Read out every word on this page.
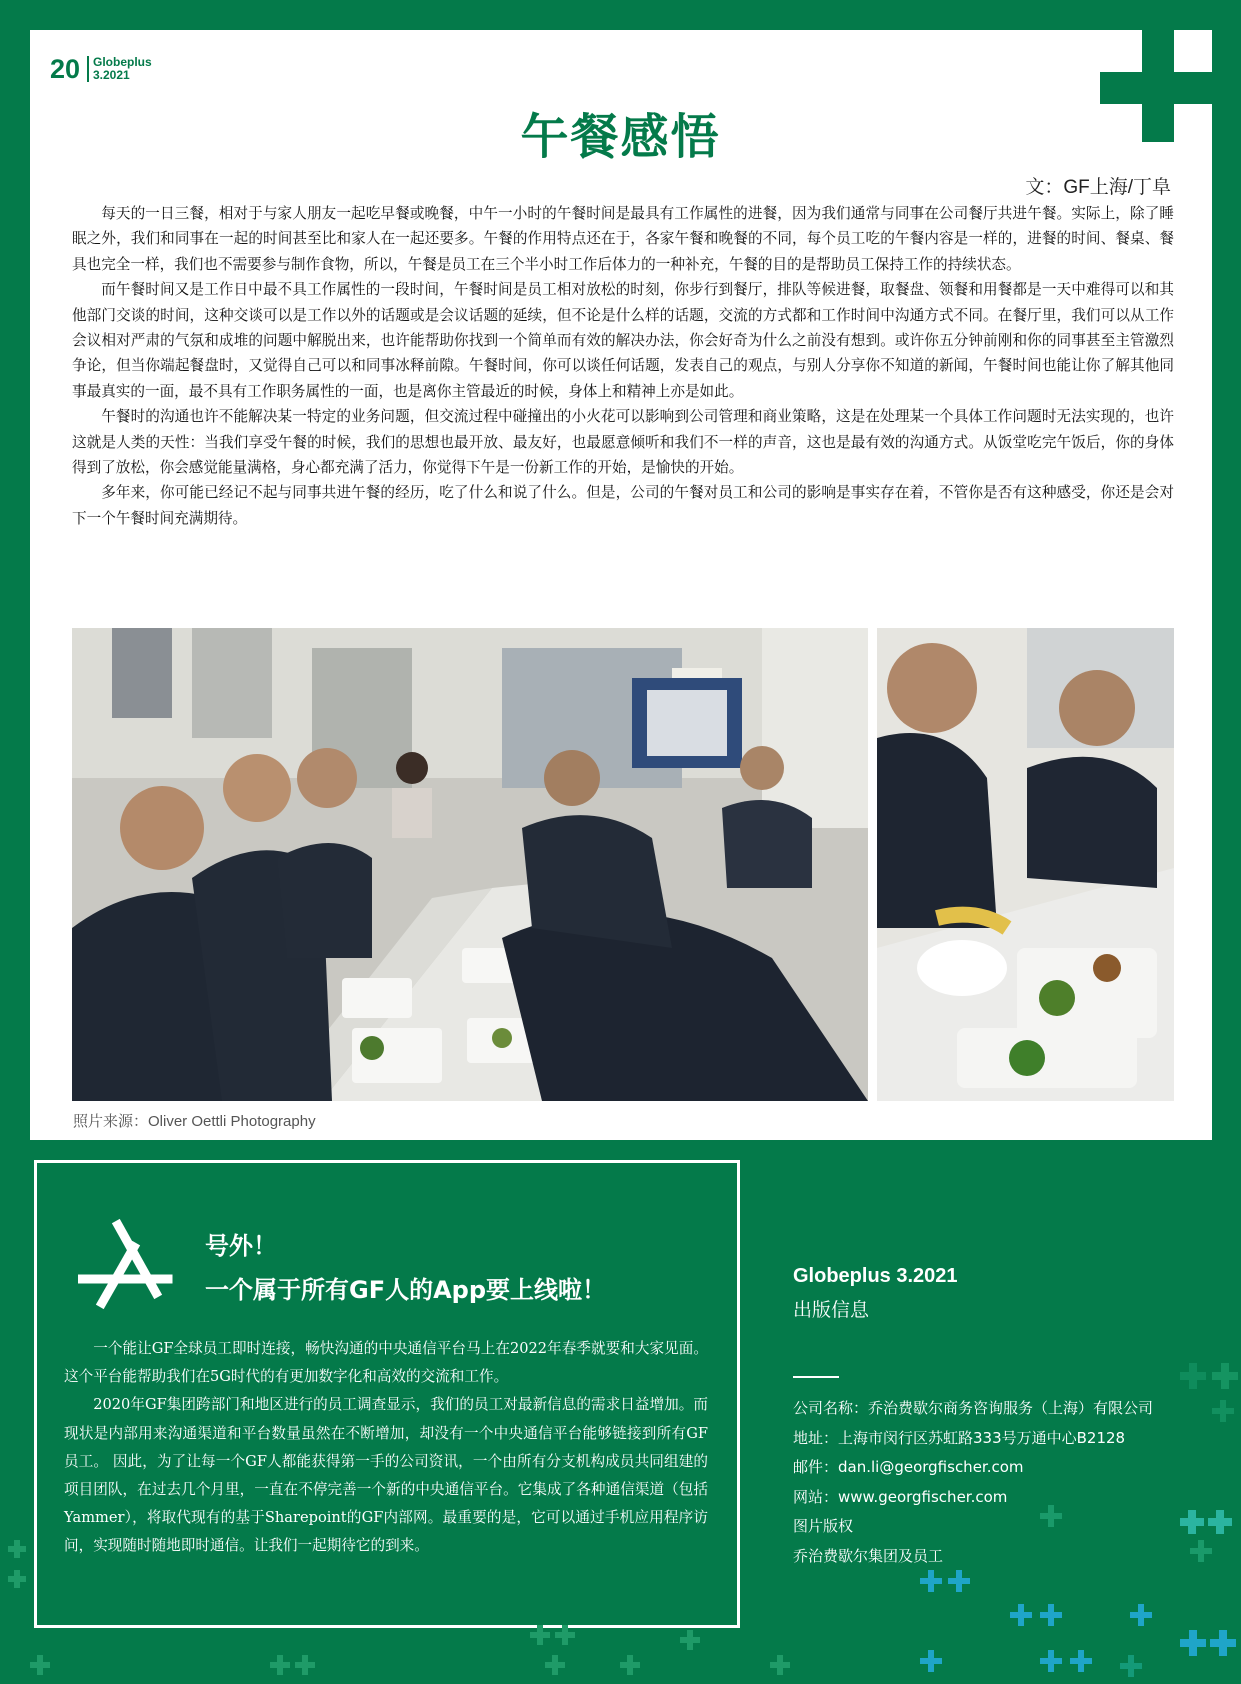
20 Globeplus
3.2021
午餐感悟
文：GF上海/丁阜

每天的一日三餐，相对于与家人朋友一起吃早餐或晚餐，中午一小时的午餐时间是最具有工作属性的进餐，因为我们通常与同事在公司餐厅共进午餐。实际上，除了睡眠之外，我们和同事在一起的时间甚至比和家人在一起还要多。午餐的作用特点还在于，各家午餐和晚餐的不同，每个员工吃的午餐内容是一样的，进餐的时间、餐桌、餐具也完全一样，我们也不需要参与制作食物，所以，午餐是员工在三个半小时工作后体力的一种补充，午餐的目的是帮助员工保持工作的持续状态。

而午餐时间又是工作日中最不具工作属性的一段时间，午餐时间是员工相对放松的时刻，你步行到餐厅，排队等候进餐，取餐盘、领餐和用餐都是一天中难得可以和其他部门交谈的时间，这种交谈可以是工作以外的话题或是会议话题的延续，但不论是什么样的话题，交流的方式都和工作时间中沟通方式不同。在餐厅里，我们可以从工作会议相对严肃的气氛和成堆的问题中解脱出来，也许能帮助你找到一个简单而有效的解决办法，你会好奇为什么之前没有想到。或许你五分钟前刚和你的同事甚至主管激烈争论，但当你端起餐盘时，又觉得自己可以和同事冰释前隙。午餐时间，你可以谈任何话题，发表自己的观点，与别人分享你不知道的新闻，午餐时间也能让你了解其他同事最真实的一面，最不具有工作职务属性的一面，也是离你主管最近的时候，身体上和精神上亦是如此。

午餐时的沟通也许不能解决某一特定的业务问题，但交流过程中碰撞出的小火花可以影响到公司管理和商业策略，这是在处理某一个具体工作问题时无法实现的，也许这就是人类的天性：当我们享受午餐的时候，我们的思想也最开放、最友好，也最愿意倾听和我们不一样的声音，这也是最有效的沟通方式。从饭堂吃完午饭后，你的身体得到了放松，你会感觉能量满格，身心都充满了活力，你觉得下午是一份新工作的开始，是愉快的开始。

多年来，你可能已经记不起与同事共进午餐的经历，吃了什么和说了什么。但是，公司的午餐对员工和公司的影响是事实存在着，不管你是否有这种感受，你还是会对下一个午餐时间充满期待。

照片来源：Oliver Oettli Photography
号外！
一个属于所有GF人的App要上线啦！

一个能让GF全球员工即时连接，畅快沟通的中央通信平台马上在2022年春季就要和大家见面。这个平台能帮助我们在5G时代的有更加数字化和高效的交流和工作。

2020年GF集团跨部门和地区进行的员工调查显示，我们的员工对最新信息的需求日益增加。而现状是内部用来沟通渠道和平台数量虽然在不断增加，却没有一个中央通信平台能够链接到所有GF员工。 因此，为了让每一个GF人都能获得第一手的公司资讯，一个由所有分支机构成员共同组建的项目团队，在过去几个月里，一直在不停完善一个新的中央通信平台。它集成了各种通信渠道（包括Yammer），将取代现有的基于Sharepoint的GF内部网。最重要的是，它可以通过手机应用程序访问，实现随时随地即时通信。让我们一起期待它的到来。

Globeplus 3.2021
出版信息
公司名称：乔治费歇尔商务咨询服务（上海）有限公司
地址：上海市闵行区苏虹路333号万通中心B2128
邮件：dan.li@georgfischer.com
网站：www.georgfischer.com
图片版权
乔治费歇尔集团及员工
